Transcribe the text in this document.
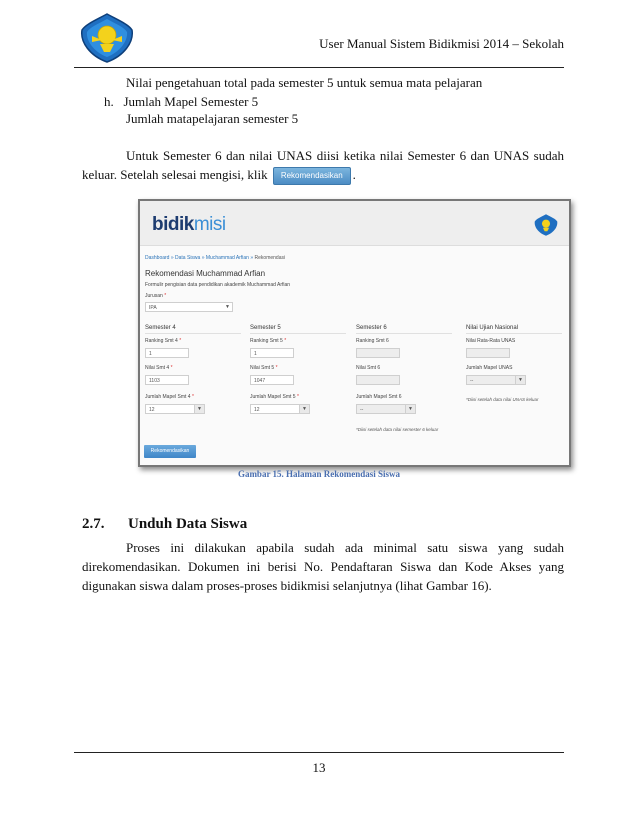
User Manual Sistem Bidikmisi 2014 – Sekolah
Nilai pengetahuan total pada semester 5 untuk semua mata pelajaran
h. Jumlah Mapel Semester 5
Jumlah matapelajaran semester 5
Untuk Semester 6 dan nilai UNAS diisi ketika nilai Semester 6 dan UNAS sudah
keluar. Setelah selesai mengisi, klik Rekomendasikan .
bidikmisi
Dashboard » Data Siswa » Muchammad Arfian » Rekomendasi
Rekomendasi Muchammad Arfian
Formulir pengisian data pendidikan akademik Muchammad Arfian
Jurusan *
IPA	▼
Semester 4
Ranking Smt 4 *
1
Nilai Smt 4 *
1103
Jumlah Mapel Smt 4 *
12	▼
Semester 5
Ranking Smt 5 *
1
Nilai Smt 5 *
1047
Jumlah Mapel Smt 5 *
12	▼
Semester 6
Ranking Smt 6
Nilai Smt 6
Jumlah Mapel Smt 6
--	▼
*Diisi setelah data nilai semester 6 keluar
Nilai Ujian Nasional
Nilai Rata-Rata UNAS
Jumlah Mapel UNAS
--	▼
*Diisi setelah data nilai UNAS keluar
Rekomendasikan
Gambar 15. Halaman Rekomendasi Siswa
2.7. Unduh Data Siswa
Proses ini dilakukan apabila sudah ada minimal satu siswa yang sudah
direkomendasikan. Dokumen ini berisi No. Pendaftaran Siswa dan Kode Akses yang
digunakan siswa dalam proses-proses bidikmisi selanjutnya (lihat Gambar 16).
13
